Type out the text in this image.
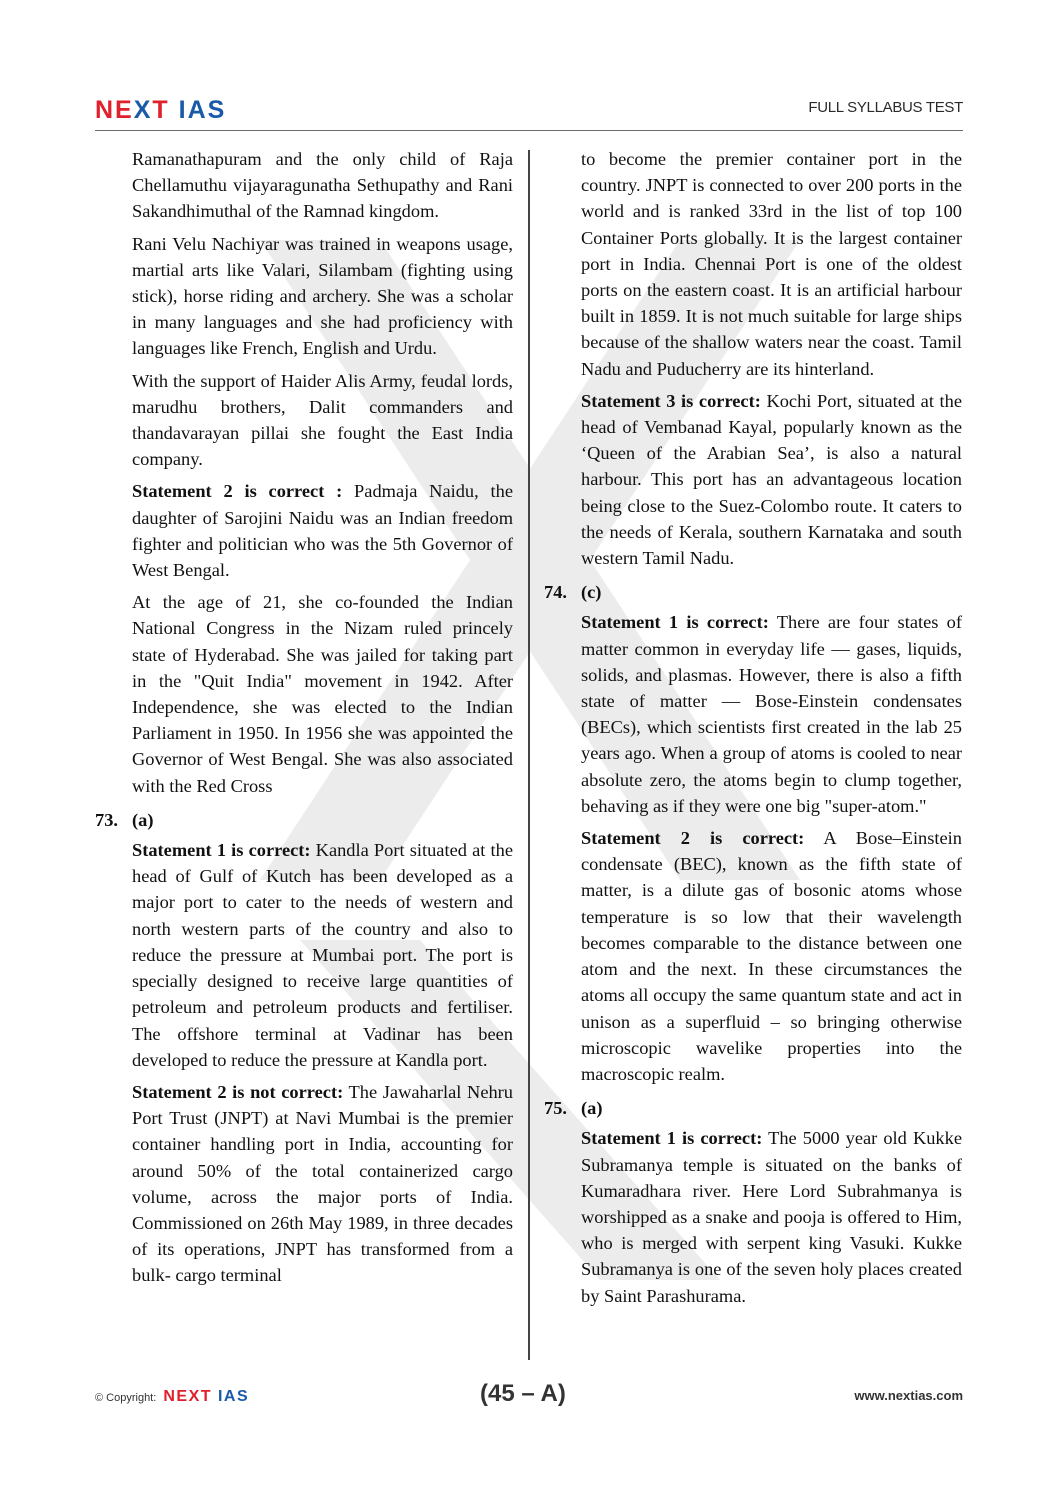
NEXT IAS	FULL SYLLABUS TEST

Ramanathapuram and the only child of Raja Chellamuthu vijayaragunatha Sethupathy and Rani Sakandhimuthal of the Ramnad kingdom.

Rani Velu Nachiyar was trained in weapons usage, martial arts like Valari, Silambam (fighting using stick), horse riding and archery. She was a scholar in many languages and she had proficiency with languages like French, English and Urdu.

With the support of Haider Alis Army, feudal lords, marudhu brothers, Dalit commanders and thandavarayan pillai she fought the East India company.

Statement 2 is correct : Padmaja Naidu, the daughter of Sarojini Naidu was an Indian freedom fighter and politician who was the 5th Governor of West Bengal.

At the age of 21, she co-founded the Indian National Congress in the Nizam ruled princely state of Hyderabad. She was jailed for taking part in the "Quit India" movement in 1942. After Independence, she was elected to the Indian Parliament in 1950. In 1956 she was appointed the Governor of West Bengal. She was also associated with the Red Cross

73. (a)

Statement 1 is correct: Kandla Port situated at the head of Gulf of Kutch has been developed as a major port to cater to the needs of western and north western parts of the country and also to reduce the pressure at Mumbai port. The port is specially designed to receive large quantities of petroleum and petroleum products and fertiliser. The offshore terminal at Vadinar has been developed to reduce the pressure at Kandla port.

Statement 2 is not correct: The Jawaharlal Nehru Port Trust (JNPT) at Navi Mumbai is the premier container handling port in India, accounting for around 50% of the total containerized cargo volume, across the major ports of India. Commissioned on 26th May 1989, in three decades of its operations, JNPT has transformed from a bulk- cargo terminal

to become the premier container port in the country. JNPT is connected to over 200 ports in the world and is ranked 33rd in the list of top 100 Container Ports globally. It is the largest container port in India. Chennai Port is one of the oldest ports on the eastern coast. It is an artificial harbour built in 1859. It is not much suitable for large ships because of the shallow waters near the coast. Tamil Nadu and Puducherry are its hinterland.

Statement 3 is correct: Kochi Port, situated at the head of Vembanad Kayal, popularly known as the ‘Queen of the Arabian Sea’, is also a natural harbour. This port has an advantageous location being close to the Suez-Colombo route. It caters to the needs of Kerala, southern Karnataka and south western Tamil Nadu.

74. (c)

Statement 1 is correct: There are four states of matter common in everyday life — gases, liquids, solids, and plasmas. However, there is also a fifth state of matter — Bose-Einstein condensates (BECs), which scientists first created in the lab 25 years ago. When a group of atoms is cooled to near absolute zero, the atoms begin to clump together, behaving as if they were one big "super-atom."

Statement 2 is correct: A Bose–Einstein condensate (BEC), known as the fifth state of matter, is a dilute gas of bosonic atoms whose temperature is so low that their wavelength becomes comparable to the distance between one atom and the next. In these circumstances the atoms all occupy the same quantum state and act in unison as a superfluid – so bringing otherwise microscopic wavelike properties into the macroscopic realm.

75. (a)

Statement 1 is correct: The 5000 year old Kukke Subramanya temple is situated on the banks of Kumaradhara river. Here Lord Subrahmanya is worshipped as a snake and pooja is offered to Him, who is merged with serpent king Vasuki. Kukke Subramanya is one of the seven holy places created by Saint Parashurama.

© Copyright: NEXT IAS	(45 – A)	www.nextias.com
